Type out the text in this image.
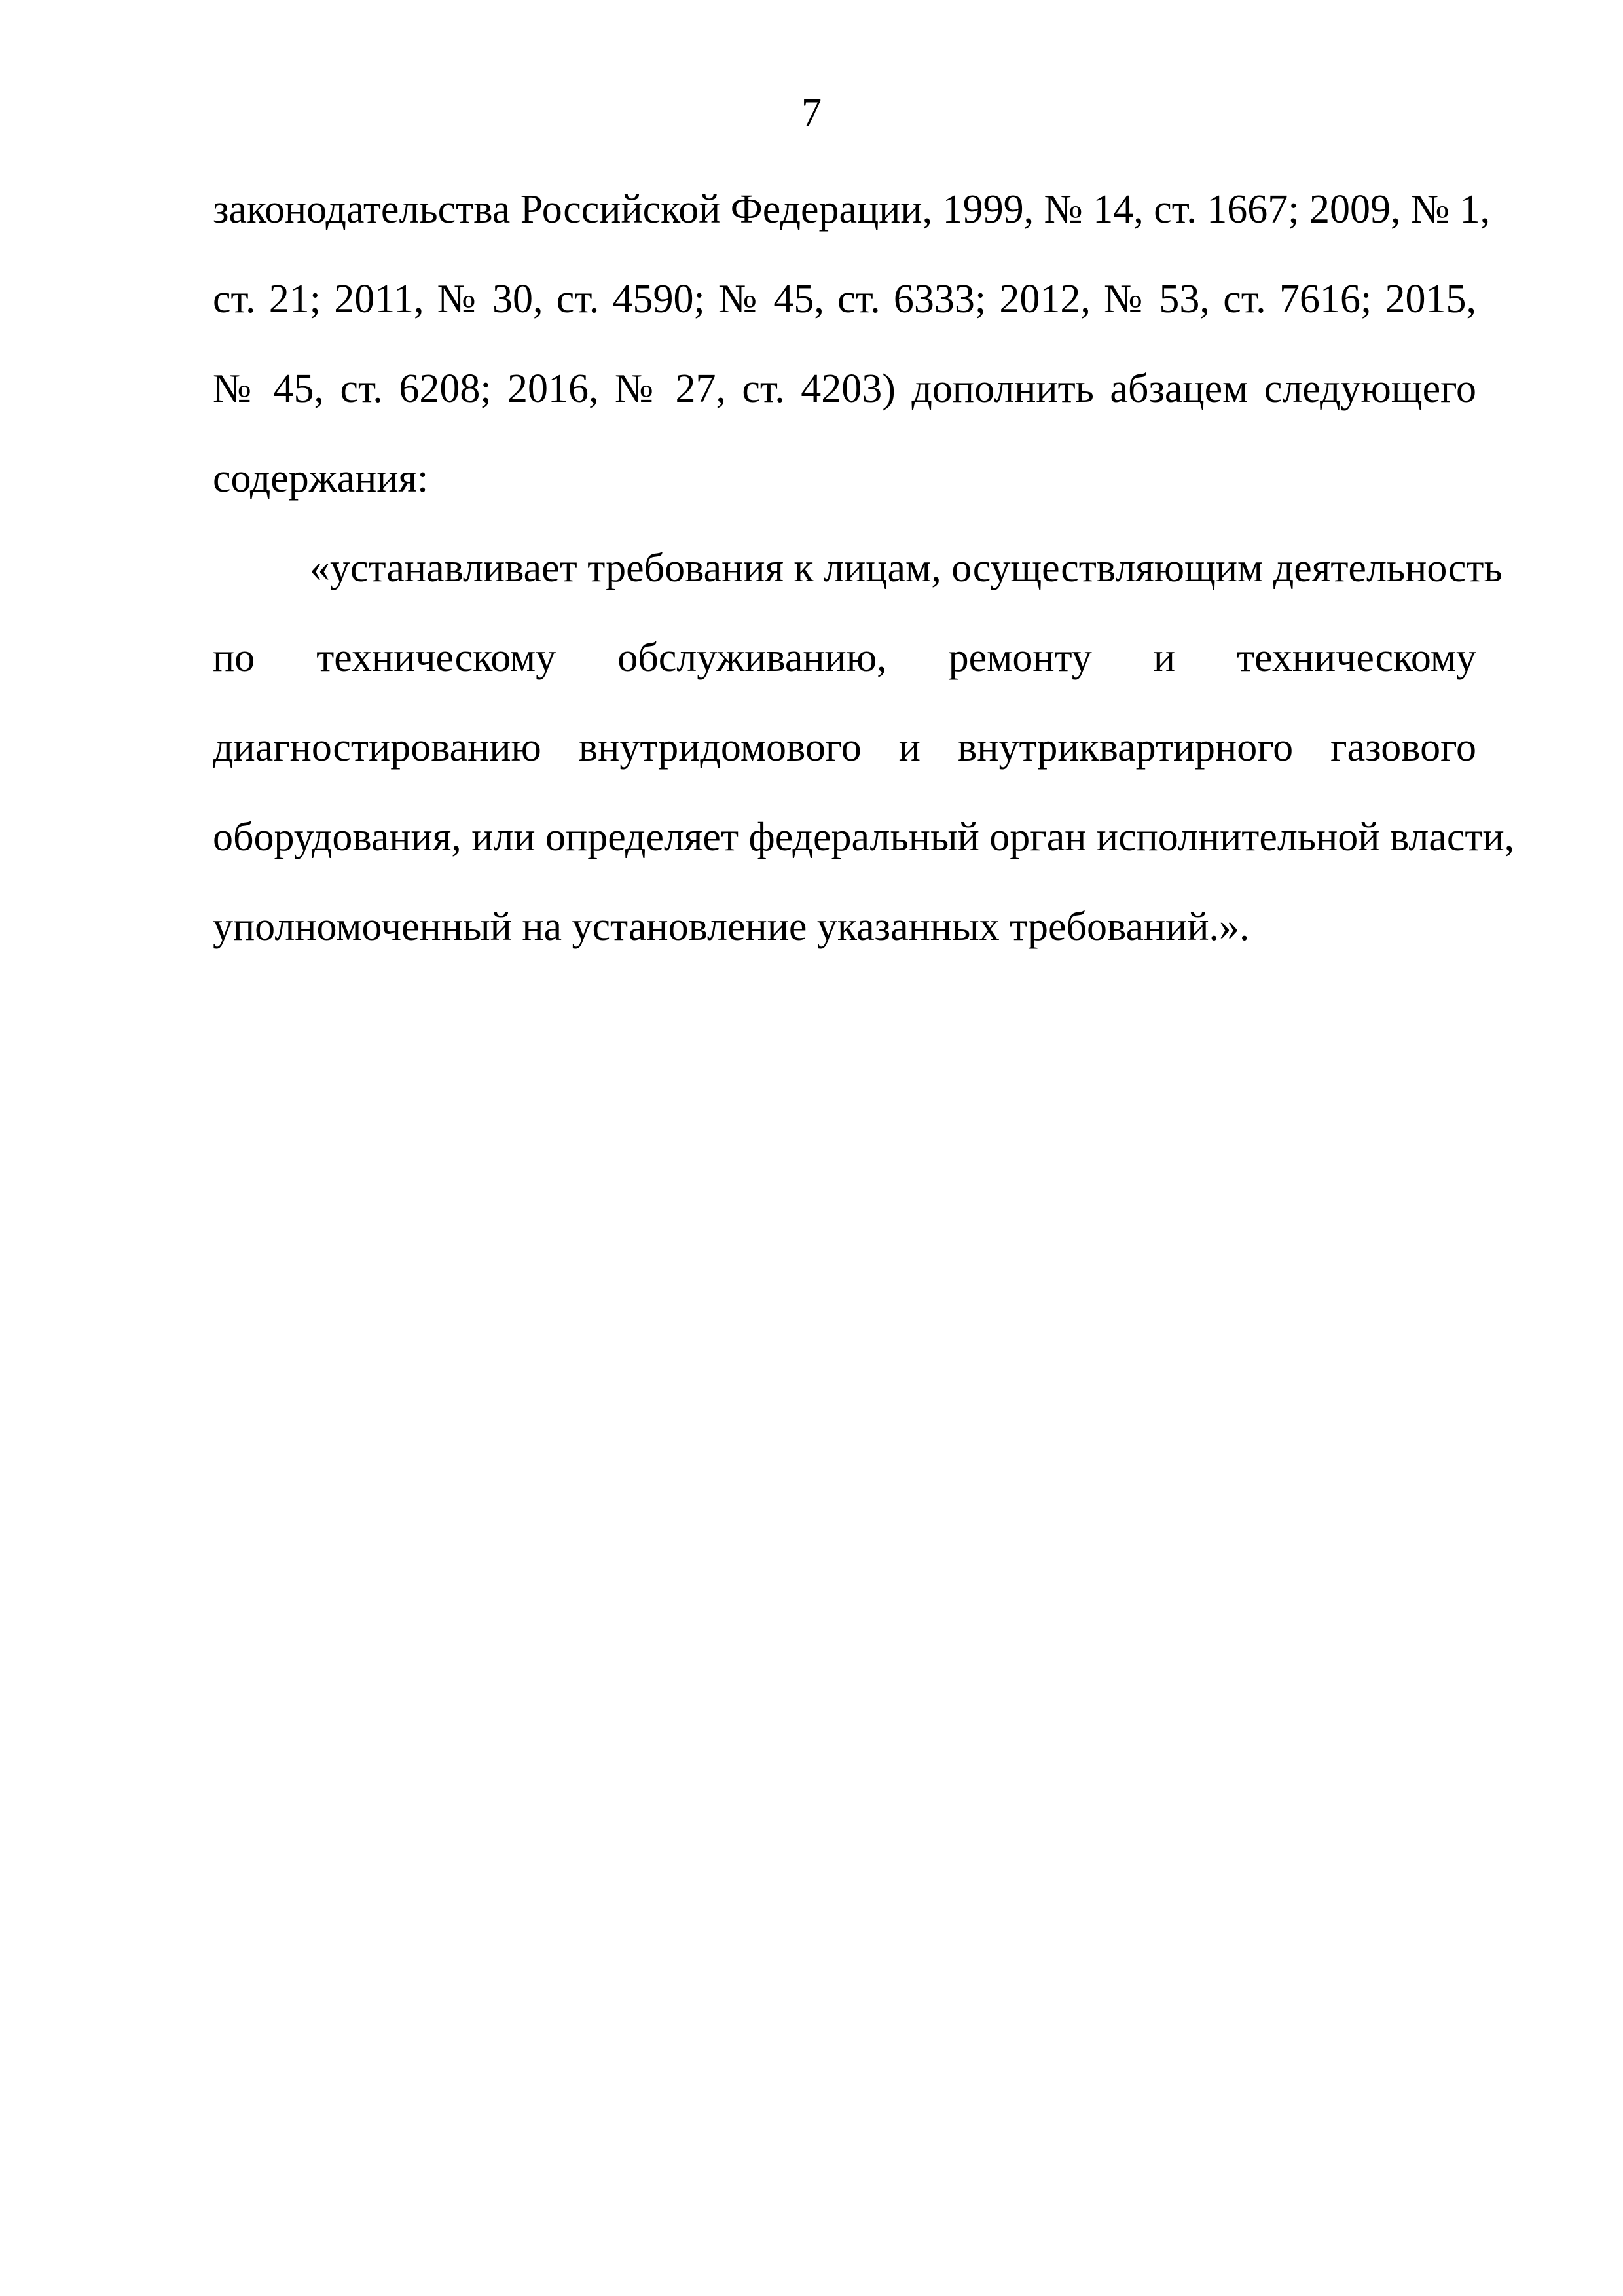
7
законодательства Российской Федерации, 1999, № 14, ст. 1667; 2009, № 1,
ст. 21; 2011, № 30, ст. 4590; № 45, ст. 6333; 2012, № 53, ст. 7616; 2015,
№ 45, ст. 6208; 2016, № 27, ст. 4203) дополнить абзацем следующего
содержания:
«устанавливает требования к лицам, осуществляющим деятельность
по техническому обслуживанию, ремонту и техническому
диагностированию внутридомового и внутриквартирного газового
оборудования, или определяет федеральный орган исполнительной власти,
уполномоченный на установление указанных требований.».
